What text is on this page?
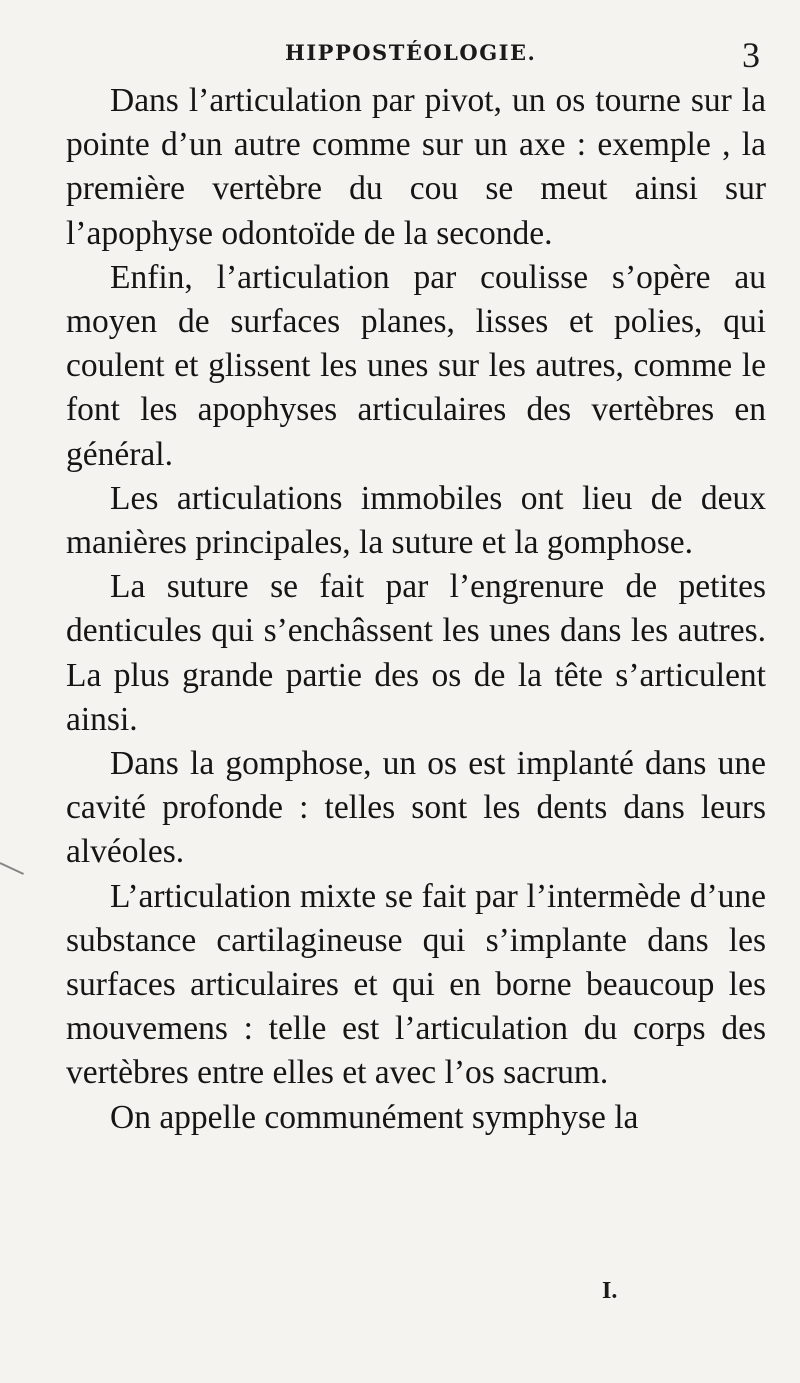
HIPPOSTÉOLOGIE.	3

Dans l’articulation par pivot, un os tourne sur la pointe d’un autre comme sur un axe : exemple , la première vertèbre du cou se meut ainsi sur l’apophyse odontoïde de la seconde.

Enfin, l’articulation par coulisse s’opère au moyen de surfaces planes, lisses et polies, qui coulent et glissent les unes sur les autres, comme le font les apophyses articulaires des vertèbres en général.

Les articulations immobiles ont lieu de deux manières principales, la suture et la gomphose.

La suture se fait par l’engrenure de petites denticules qui s’enchâssent les unes dans les autres. La plus grande partie des os de la tête s’articulent ainsi.

Dans la gomphose, un os est implanté dans une cavité profonde : telles sont les dents dans leurs alvéoles.

L’articulation mixte se fait par l’intermède d’une substance cartilagineuse qui s’implante dans les surfaces articulaires et qui en borne beaucoup les mouvemens : telle est l’articulation du corps des vertèbres entre elles et avec l’os sacrum.

On appelle communément symphyse la

I.
